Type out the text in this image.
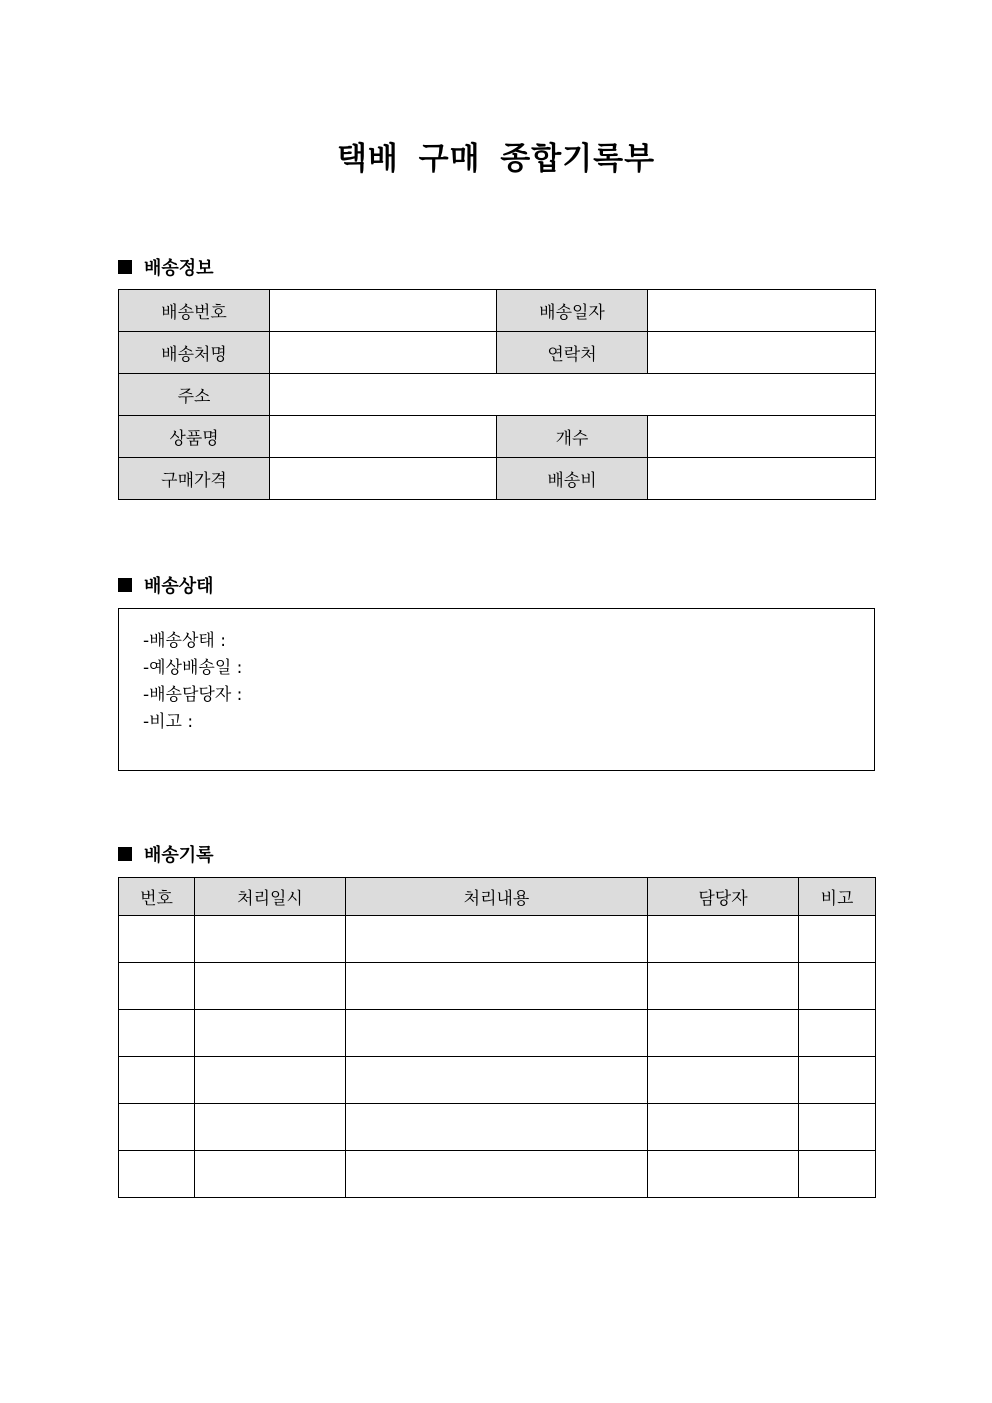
택배 구매 종합기록부
배송정보
배송번호		배송일자	
배송처명		연락처	
주소			
상품명		개수	
구매가격		배송비	
배송상태
-배송상태 :
-예상배송일 :
-배송담당자 :
-비고 :
배송기록
번호	처리일시	처리내용	담당자	비고
